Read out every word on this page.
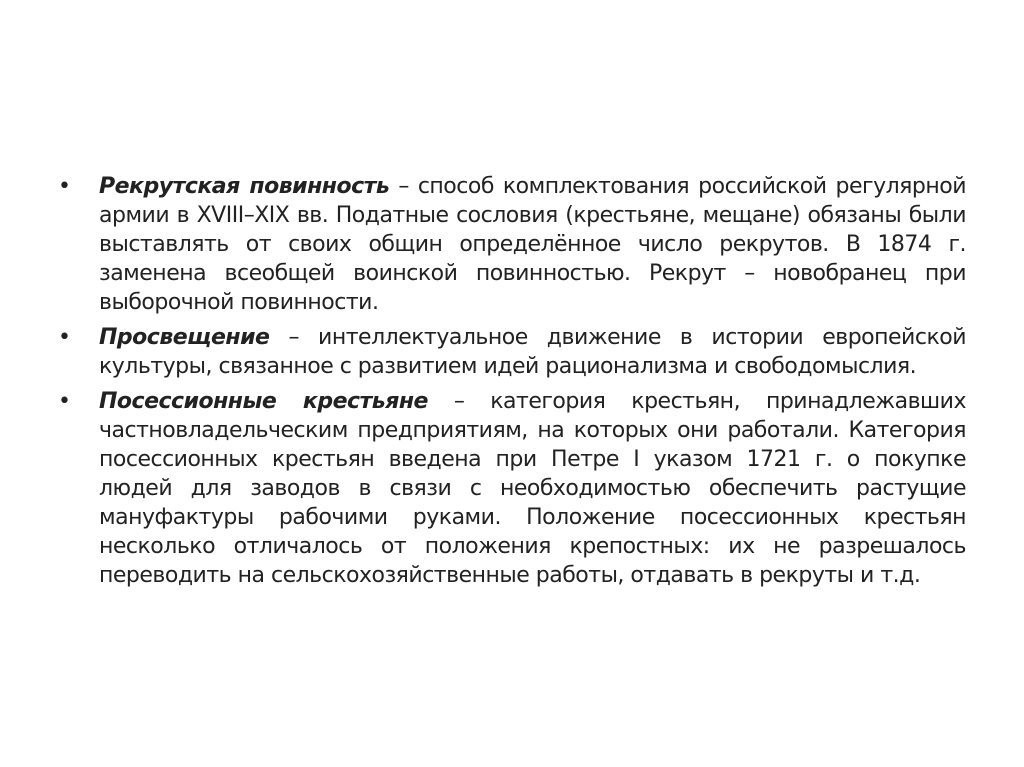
•	Рекрутская повинность – способ комплектования российской регулярной армии в XVIII–XIX вв. Податные сословия (крестьяне, мещане) обязаны были выставлять от своих общин определённое число рекрутов. В 1874 г. заменена всеобщей воинской повинностью. Рекрут – новобранец при выборочной повинности.
•	Просвещение – интеллектуальное движение в истории европейской культуры, связанное с развитием идей рационализма и свободомыслия.
•	Посессионные крестьяне – категория крестьян, принадлежавших частновладельческим предприятиям, на которых они работали. Категория посессионных крестьян введена при Петре I указом 1721 г. о покупке людей для заводов в связи с необходимостью обеспечить растущие мануфактуры рабочими руками. Положение посессионных крестьян несколько отличалось от положения крепостных: их не разрешалось переводить на сельскохозяйственные работы, отдавать в рекруты и т.д.
